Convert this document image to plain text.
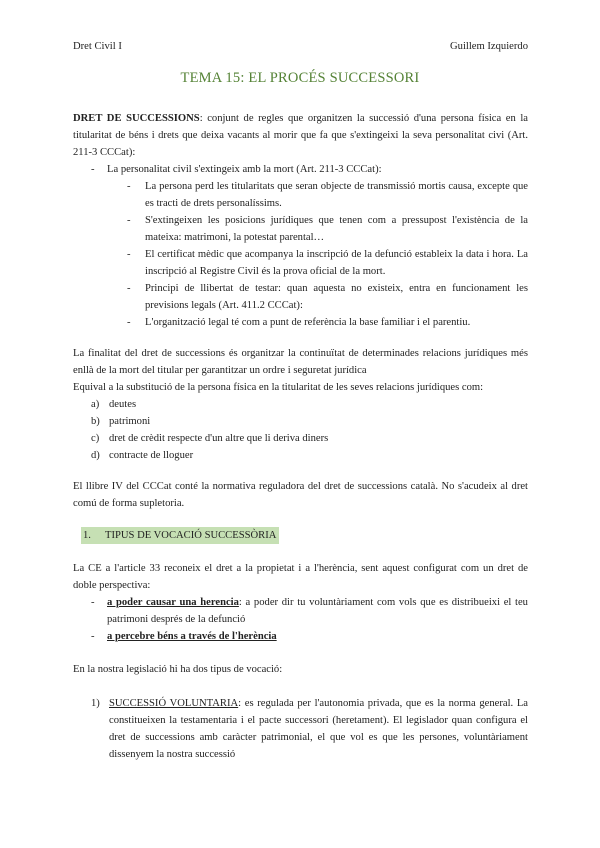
Dret Civil I	Guillem Izquierdo
TEMA 15: EL PROCÉS SUCCESSORI

DRET DE SUCCESSIONS: conjunt de regles que organitzen la successió d'una persona física en la titularitat de béns i drets que deixa vacants al morir que fa que s'extingeixi la seva personalitat civi (Art. 211-3 CCCat):

- La personalitat civil s'extingeix amb la mort (Art. 211-3 CCCat):
- La persona perd les titularitats que seran objecte de transmissió mortis causa, excepte que es tracti de drets personalíssims.
- S'extingeixen les posicions jurídiques que tenen com a pressupost l'existència de la mateixa: matrimoni, la potestat parental…
- El certificat mèdic que acompanya la inscripció de la defunció estableix la data i hora. La inscripció al Registre Civil és la prova oficial de la mort.
- Principi de llibertat de testar: quan aquesta no existeix, entra en funcionament les previsions legals (Art. 411.2 CCCat):
- L'organització legal té com a punt de referència la base familiar i el parentiu.

La finalitat del dret de successions és organitzar la continuïtat de determinades relacions jurídiques més enllà de la mort del titular per garantitzar un ordre i seguretat jurídica

Equival a la substitució de la persona física en la titularitat de les seves relacions jurídiques com:

a) deutes
b) patrimoni
c) dret de crèdit respecte d'un altre que li deriva diners
d) contracte de lloguer

El llibre IV del CCCat conté la normativa reguladora del dret de successions català. No s'acudeix al dret comú de forma supletoria.

1. TIPUS DE VOCACIÓ SUCCESSÒRIA

La CE a l'article 33 reconeix el dret a la propietat i a l'herència, sent aquest configurat com un dret de doble perspectiva:

- a poder causar una herencia: a poder dir tu voluntàriament com vols que es distribueixi el teu patrimoni després de la defunció
- a percebre béns a través de l'herència

En la nostra legislació hi ha dos tipus de vocació:

1) SUCCESSIÓ VOLUNTARIA: es regulada per l'autonomia privada, que es la norma general. La constitueixen la testamentaria i el pacte successori (heretament). El legislador quan configura el dret de successions amb caràcter patrimonial, el que vol es que les persones, voluntàriament dissenyem la nostra successió
